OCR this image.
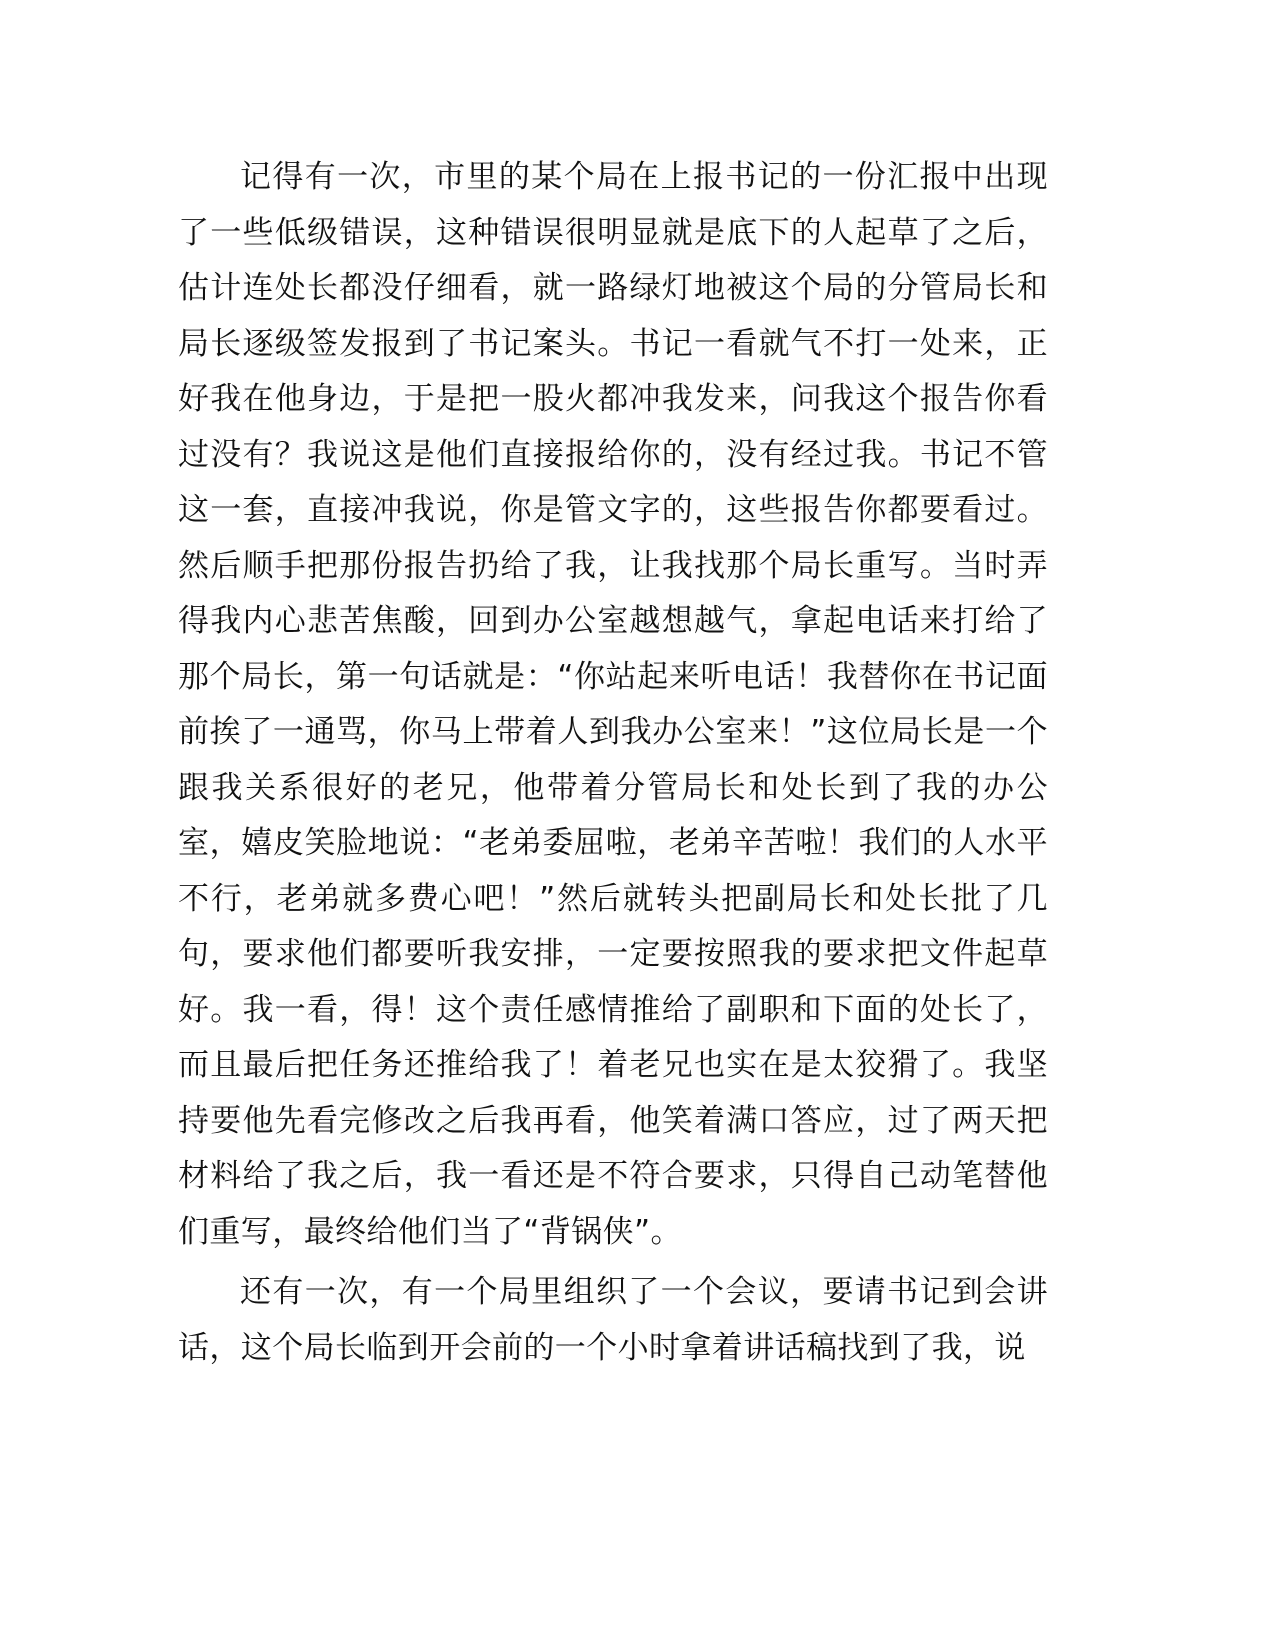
记得有一次，市里的某个局在上报书记的一份汇报中出现了一些低级错误，这种错误很明显就是底下的人起草了之后，估计连处长都没仔细看，就一路绿灯地被这个局的分管局长和局长逐级签发报到了书记案头。书记一看就气不打一处来，正好我在他身边，于是把一股火都冲我发来，问我这个报告你看过没有？我说这是他们直接报给你的，没有经过我。书记不管这一套，直接冲我说，你是管文字的，这些报告你都要看过。然后顺手把那份报告扔给了我，让我找那个局长重写。当时弄得我内心悲苦焦酸，回到办公室越想越气，拿起电话来打给了那个局长，第一句话就是：“你站起来听电话！我替你在书记面前挨了一通骂，你马上带着人到我办公室来！”这位局长是一个跟我关系很好的老兄，他带着分管局长和处长到了我的办公室，嬉皮笑脸地说：“老弟委屈啦，老弟辛苦啦！我们的人水平不行，老弟就多费心吧！”然后就转头把副局长和处长批了几句，要求他们都要听我安排，一定要按照我的要求把文件起草好。我一看，得！这个责任感情推给了副职和下面的处长了，而且最后把任务还推给我了！着老兄也实在是太狡猾了。我坚持要他先看完修改之后我再看，他笑着满口答应，过了两天把材料给了我之后，我一看还是不符合要求，只得自己动笔替他们重写，最终给他们当了“背锅侠”。

还有一次，有一个局里组织了一个会议，要请书记到会讲话，这个局长临到开会前的一个小时拿着讲话稿找到了我，说
